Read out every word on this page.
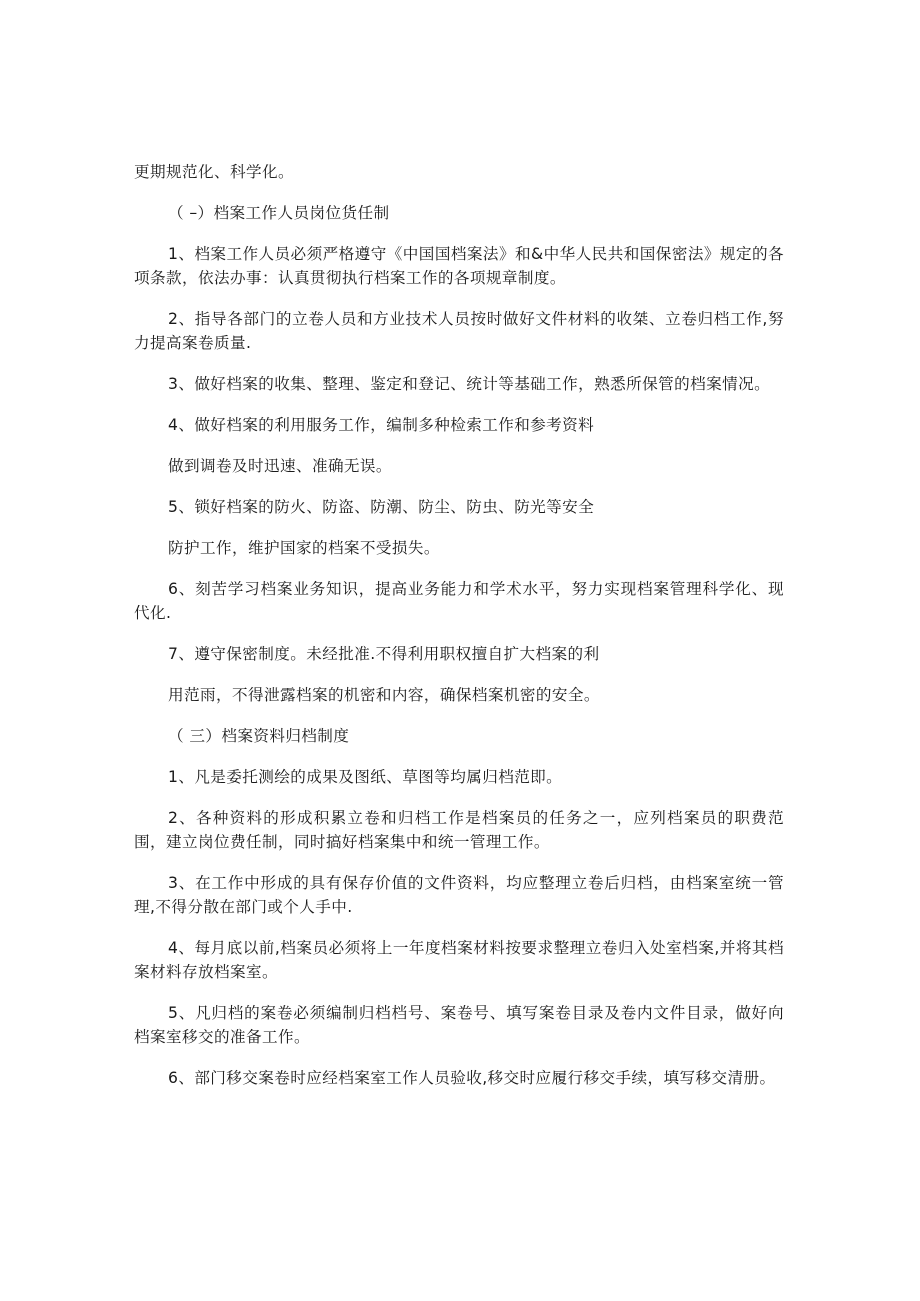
更期规范化、科学化。

（ –）档案工作人员岗位货任制

1、档案工作人员必须严格遵守《中国国档案法》和&中华人民共和国保密法》规定的各项条款，依法办事：认真贯彻执行档案工作的各项规章制度。

2、指导各部门的立卷人员和方业技术人员按时做好文件材料的收桀、立卷归档工作,努力提高案卷质量.

3、做好档案的收集、整理、鉴定和登记、统计等基础工作，熟悉所保管的档案情况。

4、做好档案的利用服务工作，编制多种检索工作和参考资料

做到调卷及时迅速、准确无误。

5、锁好档案的防火、防盗、防潮、防尘、防虫、防光等安全

防护工作，维护国家的档案不受损失。

6、刻苦学习档案业务知识，提高业务能力和学术水平，努力实现档案管理科学化、现代化.

7、遵守保密制度。未经批准.不得利用职权擅自扩大档案的利

用范雨，不得泄露档案的机密和内容，确保档案机密的安全。

（ 三）档案资料归档制度

1、凡是委托测绘的成果及图纸、草图等均属归档范即。

2、各种资料的形成积累立卷和归档工作是档案员的任务之一，应列档案员的职费范围，建立岗位费任制，同时搞好档案集中和统一管理工作。

3、在工作中形成的具有保存价值的文件资料，均应整理立卷后归档，由档案室统一管理,不得分散在部门或个人手中.

4、每月底以前,档案员必须将上一年度档案材料按要求整理立卷归入处室档案,并将其档案材料存放档案室。

5、凡归档的案卷必须编制归档档号、案卷号、填写案卷目录及卷内文件目录，做好向档案室移交的准备工作。

6、部门移交案卷时应经档案室工作人员验收,移交时应履行移交手续，填写移交清册。
